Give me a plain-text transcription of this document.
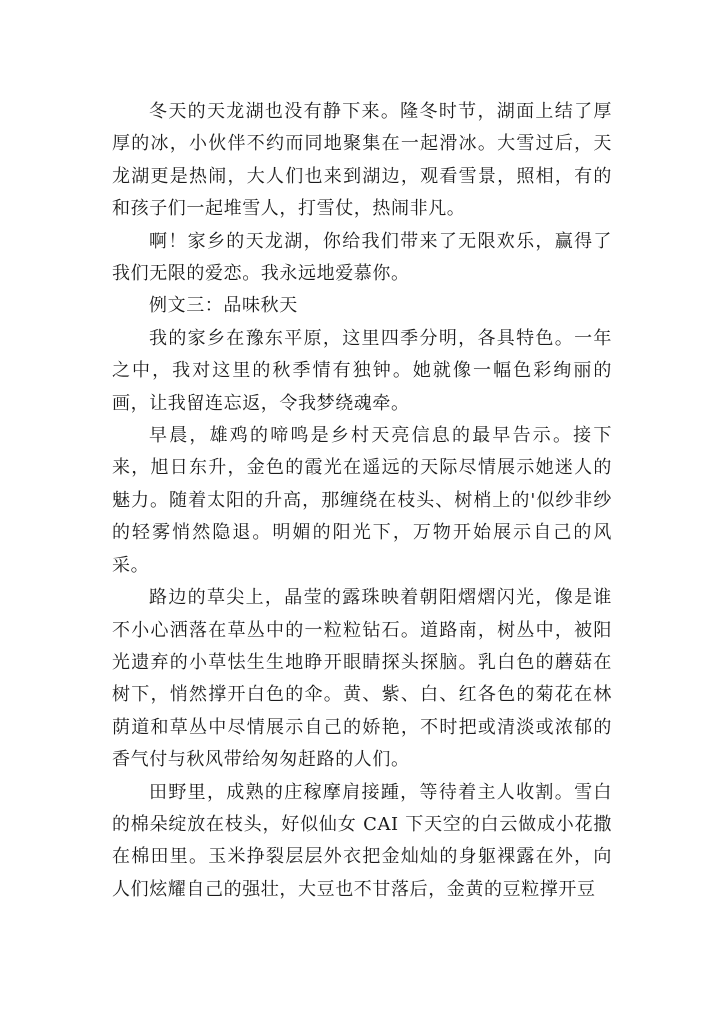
冬天的天龙湖也没有静下来。隆冬时节，湖面上结了厚厚的冰，小伙伴不约而同地聚集在一起滑冰。大雪过后，天龙湖更是热闹，大人们也来到湖边，观看雪景，照相，有的和孩子们一起堆雪人，打雪仗，热闹非凡。

啊！家乡的天龙湖，你给我们带来了无限欢乐，赢得了我们无限的爱恋。我永远地爱慕你。

例文三：品味秋天

我的家乡在豫东平原，这里四季分明，各具特色。一年之中，我对这里的秋季情有独钟。她就像一幅色彩绚丽的画，让我留连忘返，令我梦绕魂牵。

早晨，雄鸡的啼鸣是乡村天亮信息的最早告示。接下来，旭日东升，金色的霞光在遥远的天际尽情展示她迷人的魅力。随着太阳的升高，那缠绕在枝头、树梢上的'似纱非纱的轻雾悄然隐退。明媚的阳光下，万物开始展示自己的风采。

路边的草尖上，晶莹的露珠映着朝阳熠熠闪光，像是谁不小心洒落在草丛中的一粒粒钻石。道路南，树丛中，被阳光遗弃的小草怯生生地睁开眼睛探头探脑。乳白色的蘑菇在树下，悄然撑开白色的伞。黄、紫、白、红各色的菊花在林荫道和草丛中尽情展示自己的娇艳，不时把或清淡或浓郁的香气付与秋风带给匆匆赶路的人们。

田野里，成熟的庄稼摩肩接踵，等待着主人收割。雪白的棉朵绽放在枝头，好似仙女 CAI 下天空的白云做成小花撒在棉田里。玉米挣裂层层外衣把金灿灿的身躯裸露在外，向人们炫耀自己的强壮，大豆也不甘落后，金黄的豆粒撑开豆
